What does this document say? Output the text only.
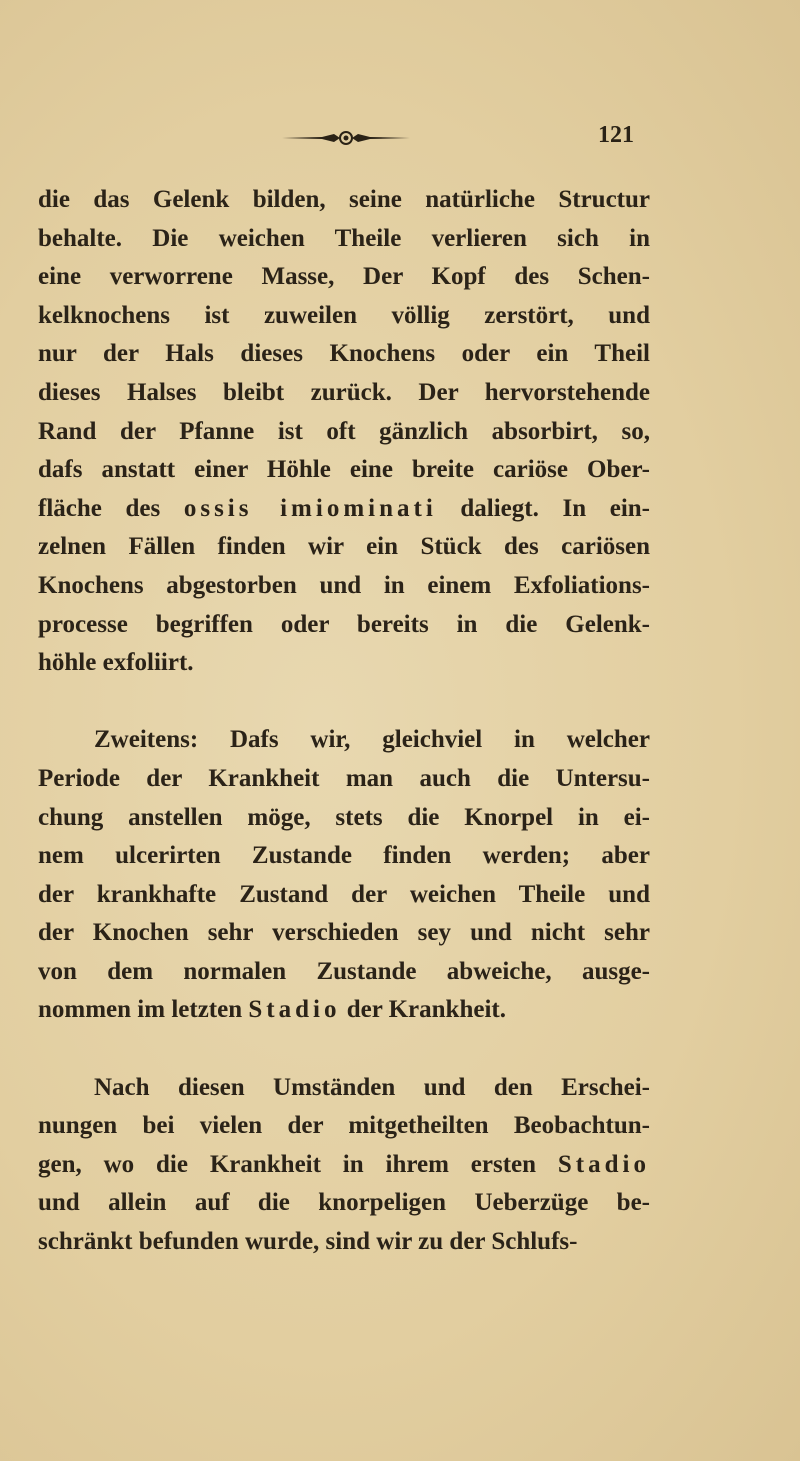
121
die das Gelenk bilden, seine natürliche Structur
behalte. Die weichen Theile verlieren sich in
eine verworrene Masse, Der Kopf des Schen-
kelknochens ist zuweilen völlig zerstört, und
nur der Hals dieses Knochens oder ein Theil
dieses Halses bleibt zurück. Der hervorstehende
Rand der Pfanne ist oft gänzlich absorbirt, so,
dafs anstatt einer Höhle eine breite cariöse Ober-
fläche des ossis imiominati daliegt. In ein-
zelnen Fällen finden wir ein Stück des cariösen
Knochens abgestorben und in einem Exfoliations-
processe begriffen oder bereits in die Gelenk-
höhle exfoliirt.
Zweitens: Dafs wir, gleichviel in welcher
Periode der Krankheit man auch die Untersu-
chung anstellen möge, stets die Knorpel in ei-
nem ulcerirten Zustande finden werden; aber
der krankhafte Zustand der weichen Theile und
der Knochen sehr verschieden sey und nicht sehr
von dem normalen Zustande abweiche, ausge-
nommen im letzten Stadio der Krankheit.
Nach diesen Umständen und den Erschei-
nungen bei vielen der mitgetheilten Beobachtun-
gen, wo die Krankheit in ihrem ersten Stadio
und allein auf die knorpeligen Ueberzüge be-
schränkt befunden wurde, sind wir zu der Schlufs-
